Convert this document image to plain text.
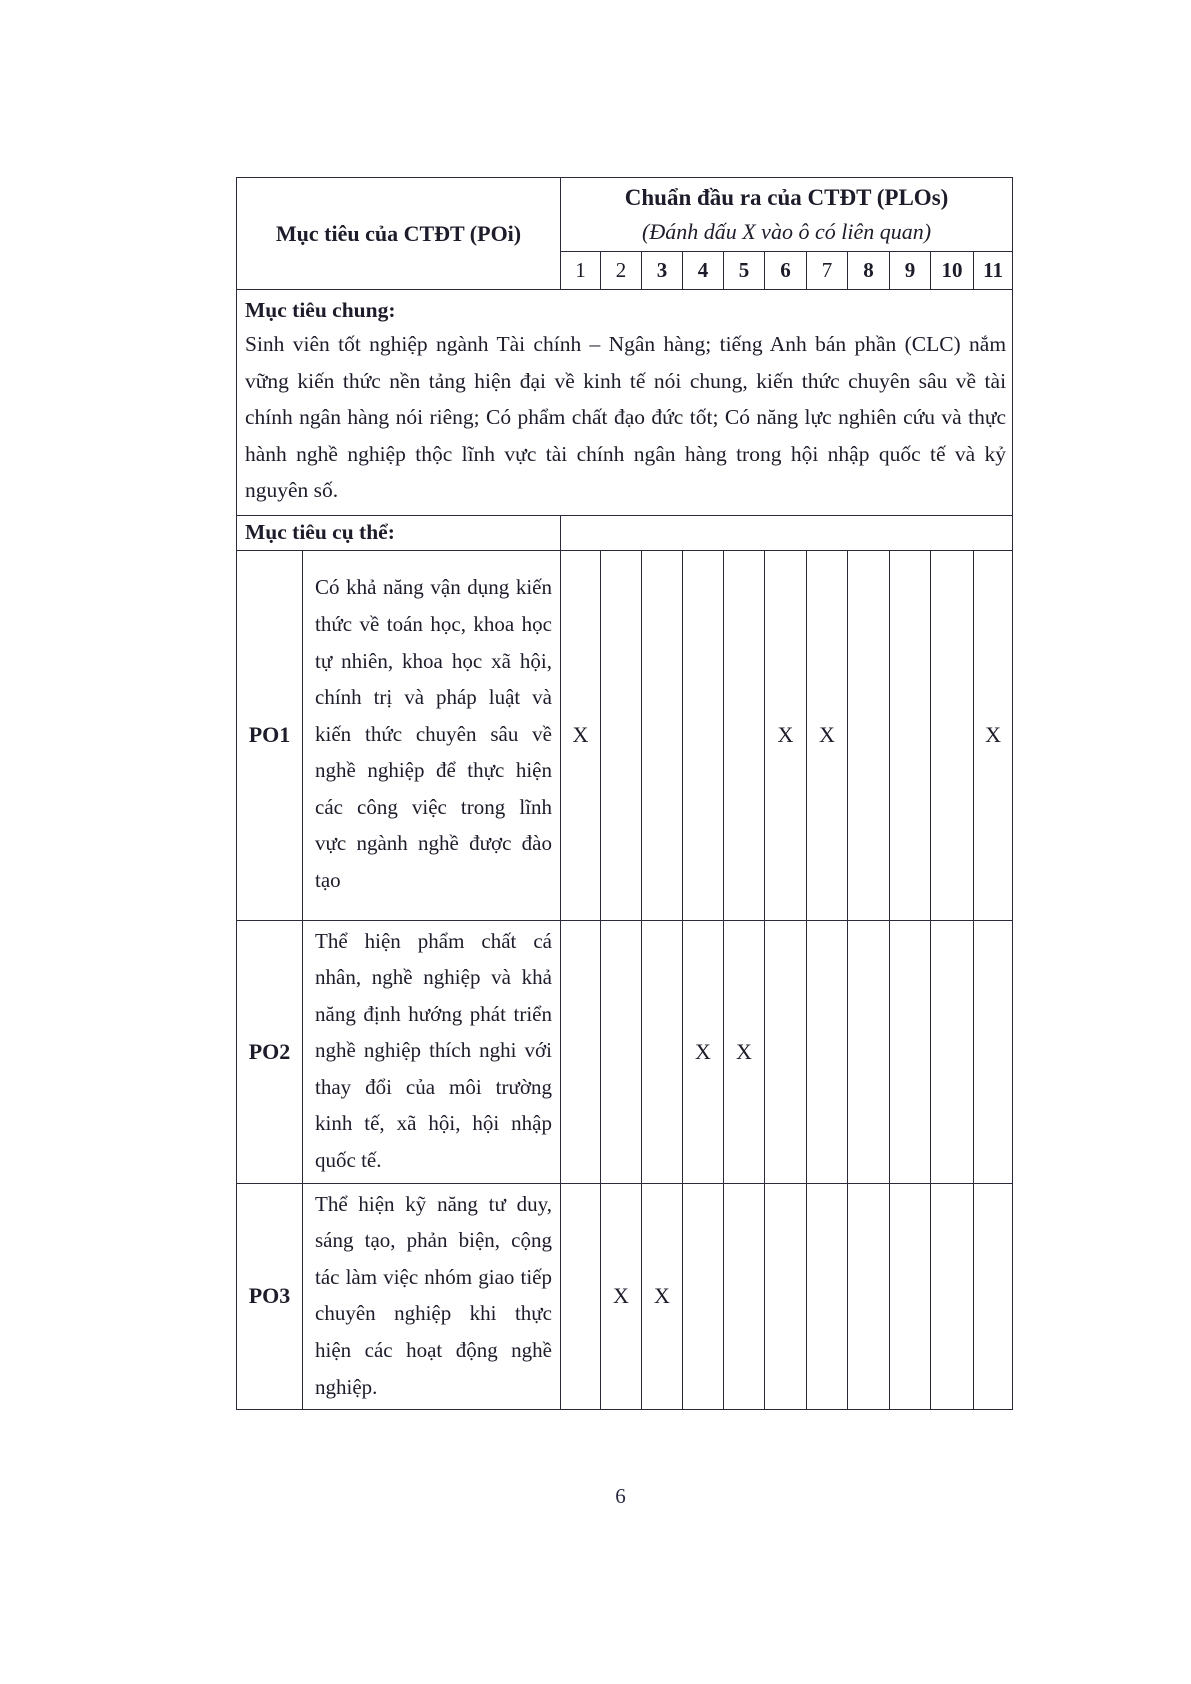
Mục tiêu của CTĐT (POi)		Chuẩn đầu ra của CTĐT (PLOs)
(Đánh dấu X vào ô có liên quan)										

		1	2	3	4	5	6	7	8	9	10	11

Mục tiêu chung:
Sinh viên tốt nghiệp ngành Tài chính – Ngân hàng; tiếng Anh bán phần (CLC) nắm vững kiến thức nền tảng hiện đại về kinh tế nói chung, kiến thức chuyên sâu về tài chính ngân hàng nói riêng; Có phẩm chất đạo đức tốt; Có năng lực nghiên cứu và thực hành nghề nghiệp thộc lĩnh vực tài chính ngân hàng trong hội nhập quốc tế và kỷ nguyên số.												
Mục tiêu cụ thể:												
PO1	Có khả năng vận dụng kiến thức về toán học, khoa học tự nhiên, khoa học xã hội, chính trị và pháp luật và kiến thức chuyên sâu về nghề nghiệp để thực hiện các công việc trong lĩnh vực ngành nghề được đào tạo	X					X	X				X
PO2	Thể hiện phẩm chất cá nhân, nghề nghiệp và khả năng định hướng phát triển nghề nghiệp thích nghi với thay đổi của môi trường kinh tế, xã hội, hội nhập quốc tế.				X	X						
PO3	Thể hiện kỹ năng tư duy, sáng tạo, phản biện, cộng tác làm việc nhóm giao tiếp chuyên nghiệp khi thực hiện các hoạt động nghề nghiệp.		X	X								
6
